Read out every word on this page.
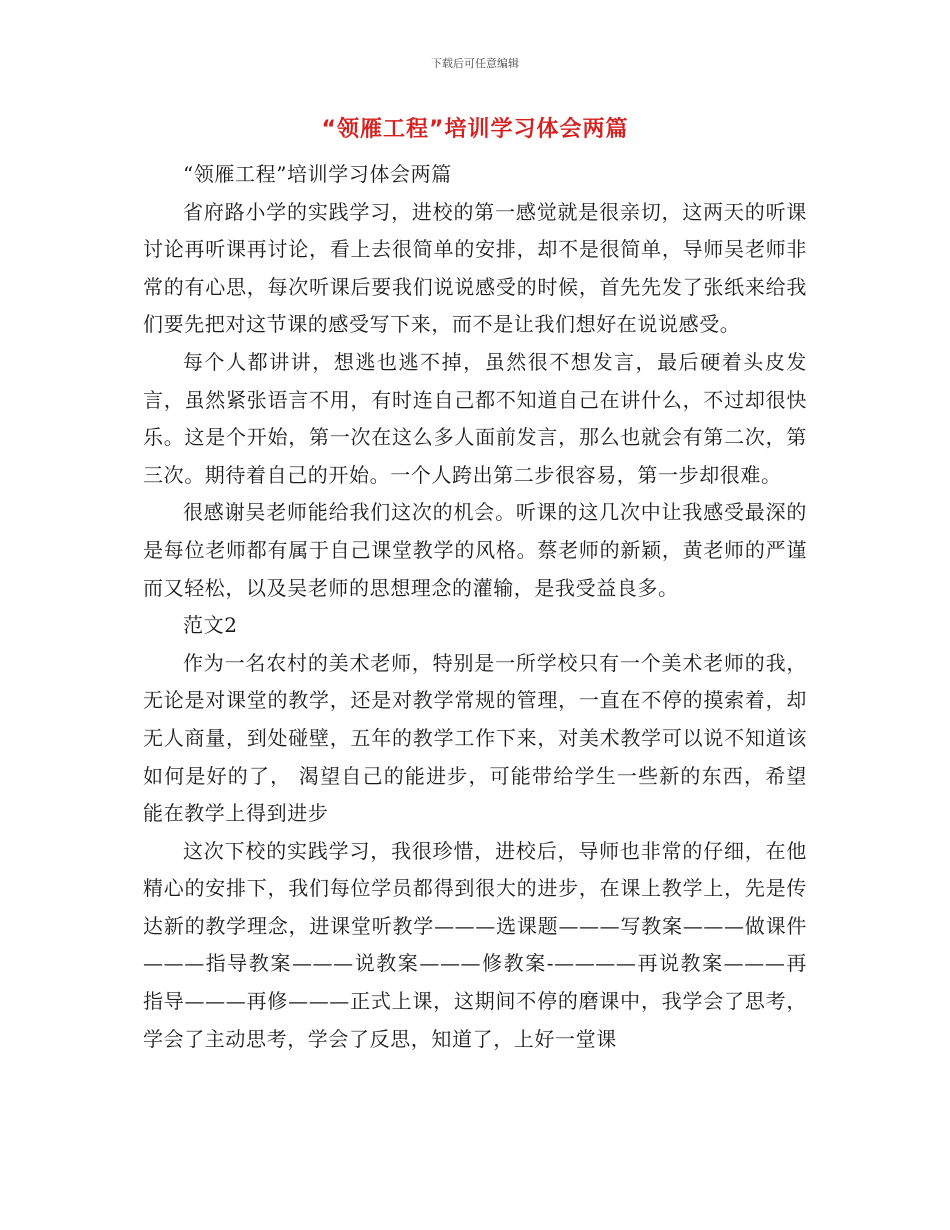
下载后可任意编辑
“领雁工程”培训学习体会两篇

“领雁工程”培训学习体会两篇

省府路小学的实践学习，进校的第一感觉就是很亲切，这两天的听课讨论再听课再讨论，看上去很简单的安排，却不是很简单，导师吴老师非常的有心思，每次听课后要我们说说感受的时候，首先先发了张纸来给我们要先把对这节课的感受写下来，而不是让我们想好在说说感受。

每个人都讲讲，想逃也逃不掉，虽然很不想发言，最后硬着头皮发言，虽然紧张语言不用，有时连自己都不知道自己在讲什么，不过却很快乐。这是个开始，第一次在这么多人面前发言，那么也就会有第二次，第三次。期待着自己的开始。一个人跨出第二步很容易，第一步却很难。

很感谢吴老师能给我们这次的机会。听课的这几次中让我感受最深的是每位老师都有属于自己课堂教学的风格。蔡老师的新颖，黄老师的严谨而又轻松，以及吴老师的思想理念的灌输，是我受益良多。

范文2

作为一名农村的美术老师，特别是一所学校只有一个美术老师的我，无论是对课堂的教学，还是对教学常规的管理，一直在不停的摸索着，却无人商量，到处碰壁，五年的教学工作下来，对美术教学可以说不知道该如何是好的了， 渴望自己的能进步，可能带给学生一些新的东西，希望能在教学上得到进步

这次下校的实践学习，我很珍惜，进校后，导师也非常的仔细，在他精心的安排下，我们每位学员都得到很大的进步，在课上教学上，先是传达新的教学理念，进课堂听教学———选课题———写教案———做课件———指导教案———说教案———修教案-————再说教案———再指导———再修———正式上课，这期间不停的磨课中，我学会了思考，学会了主动思考，学会了反思，知道了，上好一堂课
